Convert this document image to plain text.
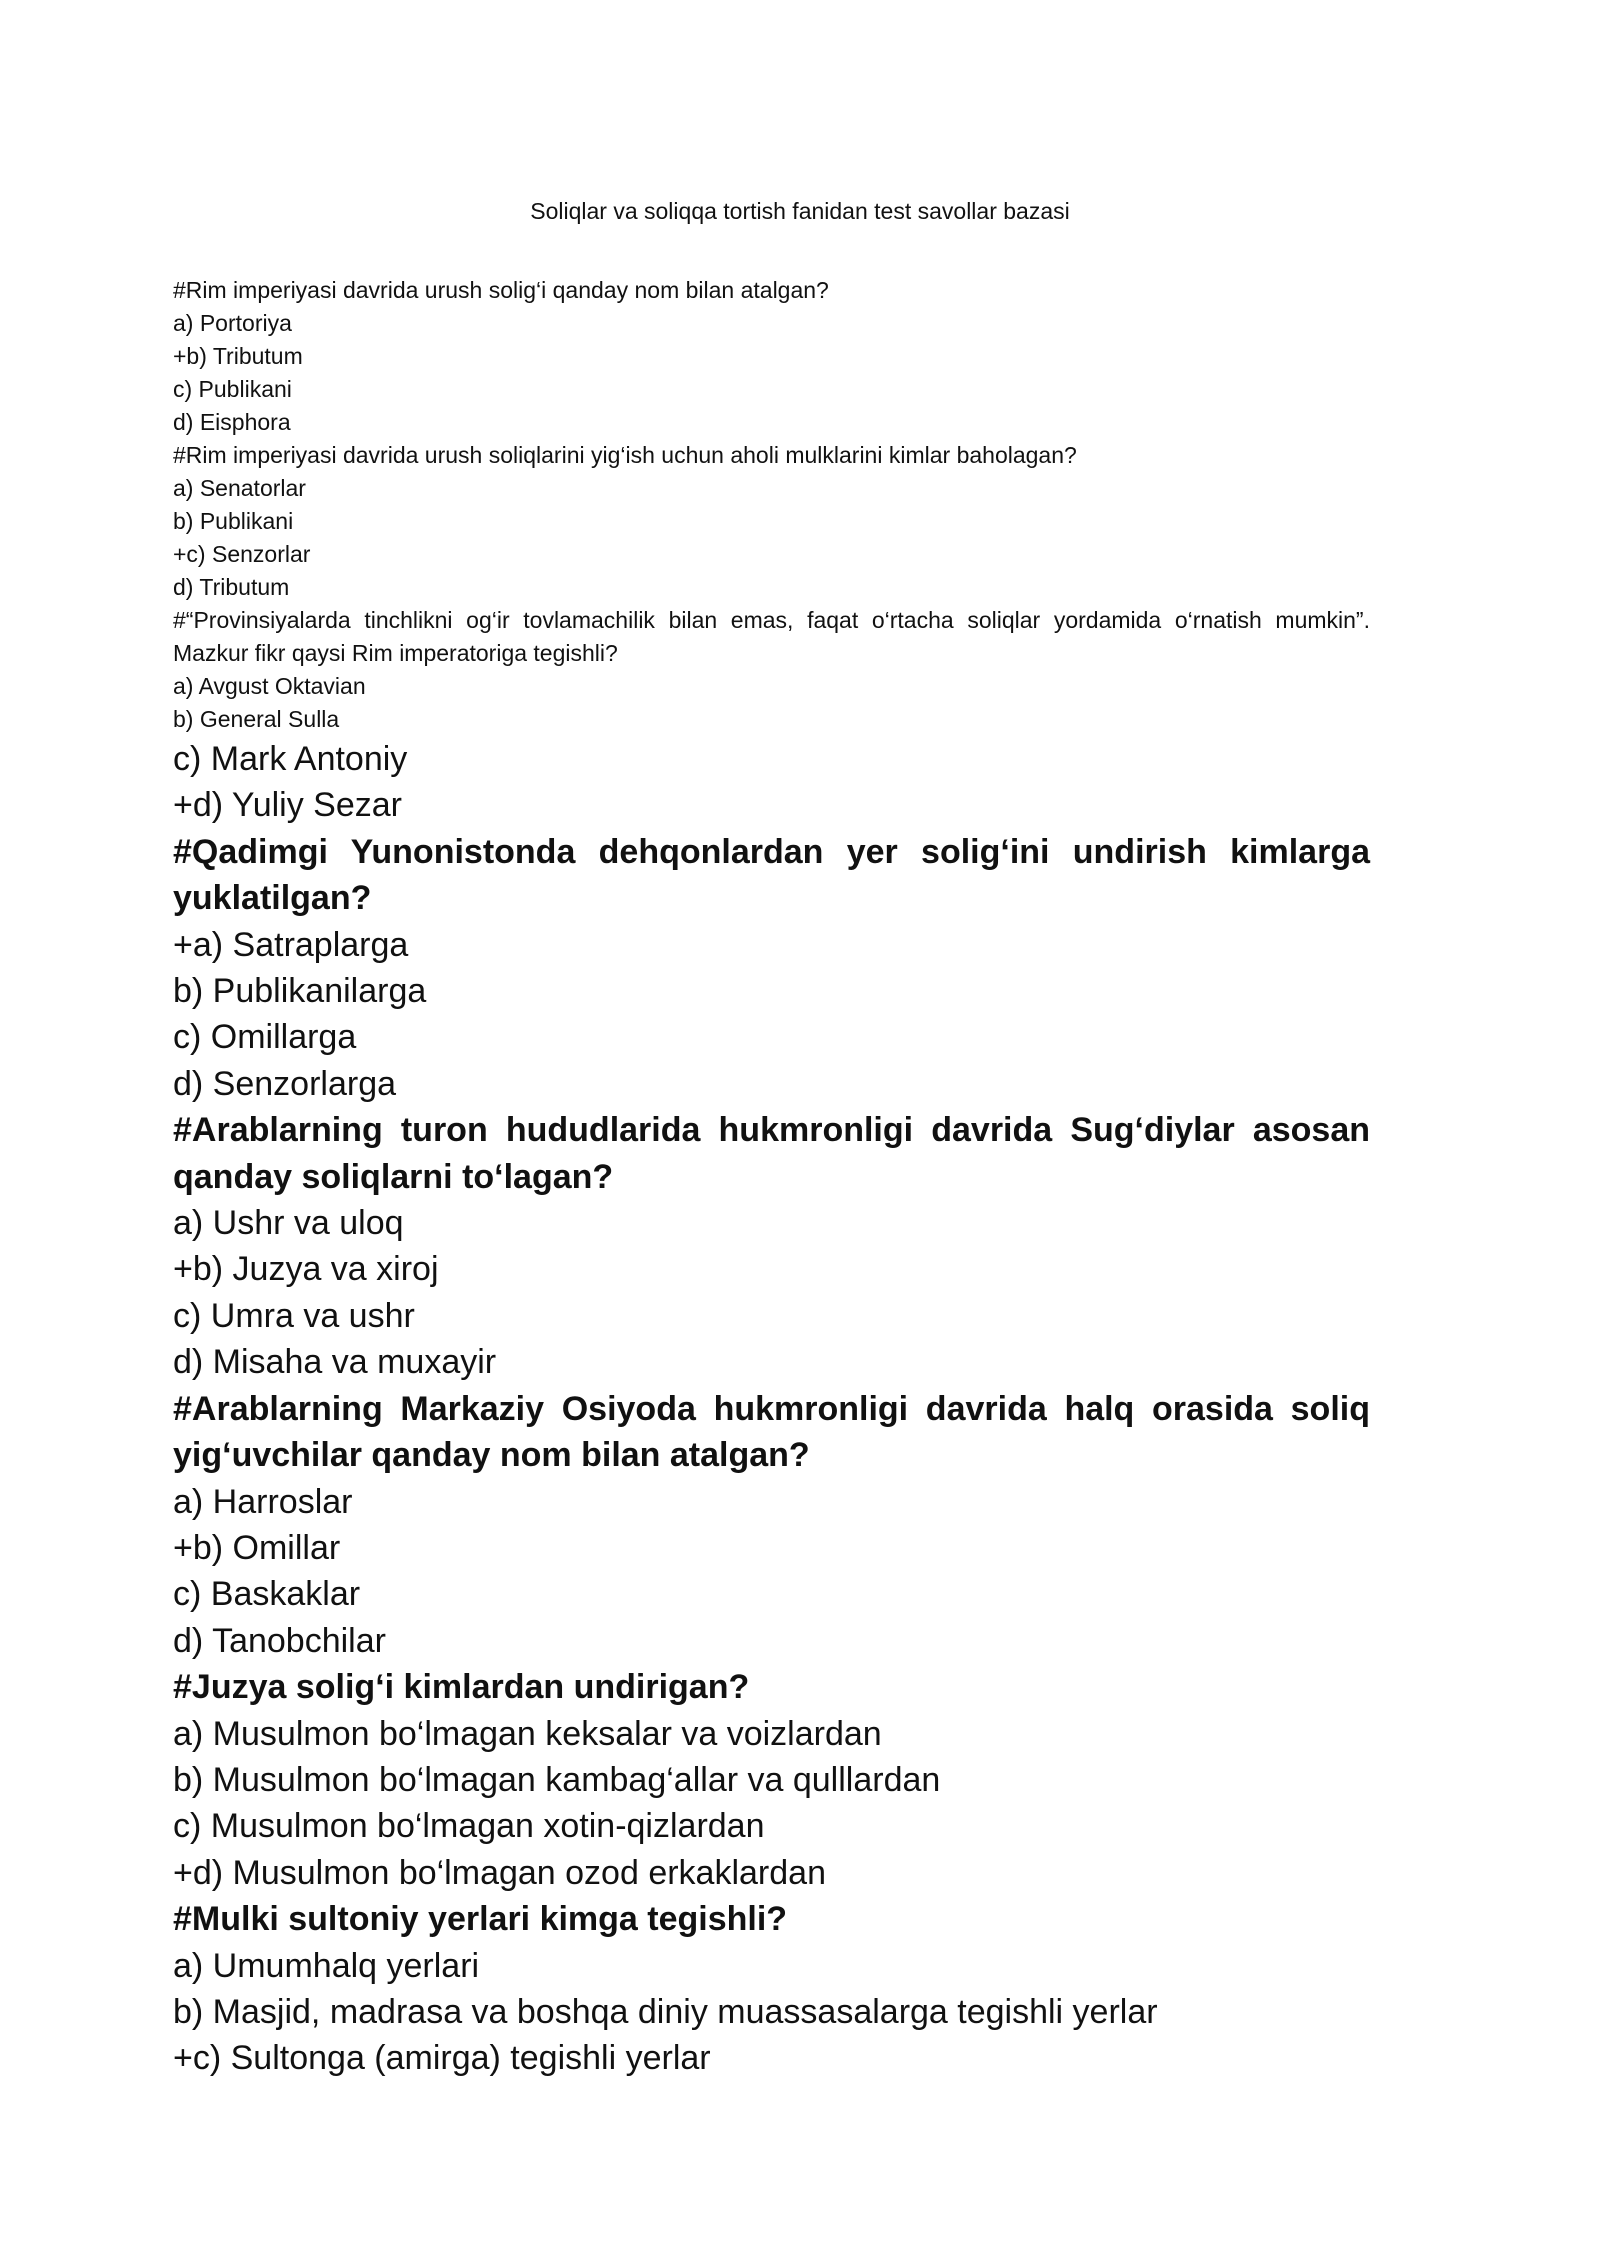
Soliqlar va soliqqa tortish fanidan test savollar bazasi
#Rim imperiyasi davrida urush solig‘i qanday nom bilan atalgan?
a) Portoriya
+b) Tributum
c) Publikani
d) Eisphora
#Rim imperiyasi davrida urush soliqlarini yig‘ish uchun aholi mulklarini kimlar baholagan?
a) Senatorlar
b) Publikani
+c) Senzorlar
d) Tributum
#“Provinsiyalarda tinchlikni og‘ir tovlamachilik bilan emas, faqat o‘rtacha soliqlar yordamida o‘rnatish mumkin”. Mazkur fikr qaysi Rim imperatoriga tegishli?
a) Avgust Oktavian
b) General Sulla
c) Mark Antoniy
+d) Yuliy Sezar
#Qadimgi Yunonistonda dehqonlardan yer solig‘ini undirish kimlarga yuklatilgan?
+a) Satraplarga
b) Publikanilarga
c) Omillarga
d) Senzorlarga
#Arablarning turon hududlarida hukmronligi davrida Sug‘diylar asosan qanday soliqlarni to‘lagan?
a) Ushr va uloq
+b) Juzya va xiroj
c) Umra va ushr
d) Misaha va muxayir
#Arablarning Markaziy Osiyoda hukmronligi davrida halq orasida soliq yig‘uvchilar qanday nom bilan atalgan?
a) Harroslar
+b) Omillar
c) Baskaklar
d) Tanobchilar
#Juzya solig‘i kimlardan undirigan?
a) Musulmon bo‘lmagan keksalar va voizlardan
b) Musulmon bo‘lmagan kambag‘allar va qulllardan
c) Musulmon bo‘lmagan xotin-qizlardan
+d) Musulmon bo‘lmagan ozod erkaklardan
#Mulki sultoniy yerlari kimga tegishli?
a) Umumhalq yerlari
b) Masjid, madrasa va boshqa diniy muassasalarga tegishli yerlar
+c) Sultonga (amirga) tegishli yerlar
